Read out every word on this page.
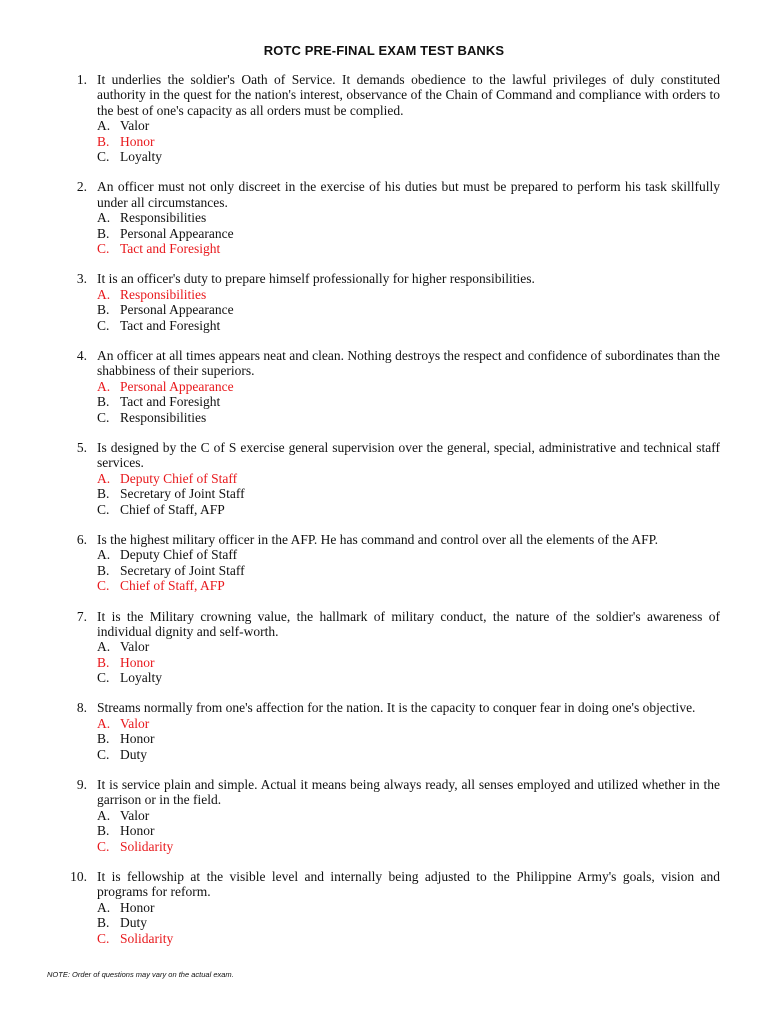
ROTC PRE-FINAL EXAM TEST BANKS
1. It underlies the soldier's Oath of Service. It demands obedience to the lawful privileges of duly constituted authority in the quest for the nation's interest, observance of the Chain of Command and compliance with orders to the best of one's capacity as all orders must be complied.
A. Valor
B. Honor
C. Loyalty
2. An officer must not only discreet in the exercise of his duties but must be prepared to perform his task skillfully under all circumstances.
A. Responsibilities
B. Personal Appearance
C. Tact and Foresight
3. It is an officer's duty to prepare himself professionally for higher responsibilities.
A. Responsibilities
B. Personal Appearance
C. Tact and Foresight
4. An officer at all times appears neat and clean. Nothing destroys the respect and confidence of subordinates than the shabbiness of their superiors.
A. Personal Appearance
B. Tact and Foresight
C. Responsibilities
5. Is designed by the C of S exercise general supervision over the general, special, administrative and technical staff services.
A. Deputy Chief of Staff
B. Secretary of Joint Staff
C. Chief of Staff, AFP
6. Is the highest military officer in the AFP. He has command and control over all the elements of the AFP.
A. Deputy Chief of Staff
B. Secretary of Joint Staff
C. Chief of Staff, AFP
7. It is the Military crowning value, the hallmark of military conduct, the nature of the soldier's awareness of individual dignity and self-worth.
A. Valor
B. Honor
C. Loyalty
8. Streams normally from one's affection for the nation. It is the capacity to conquer fear in doing one's objective.
A. Valor
B. Honor
C. Duty
9. It is service plain and simple. Actual it means being always ready, all senses employed and utilized whether in the garrison or in the field.
A. Valor
B. Honor
C. Solidarity
10. It is fellowship at the visible level and internally being adjusted to the Philippine Army's goals, vision and programs for reform.
A. Honor
B. Duty
C. Solidarity
NOTE: Order of questions may vary on the actual exam.
